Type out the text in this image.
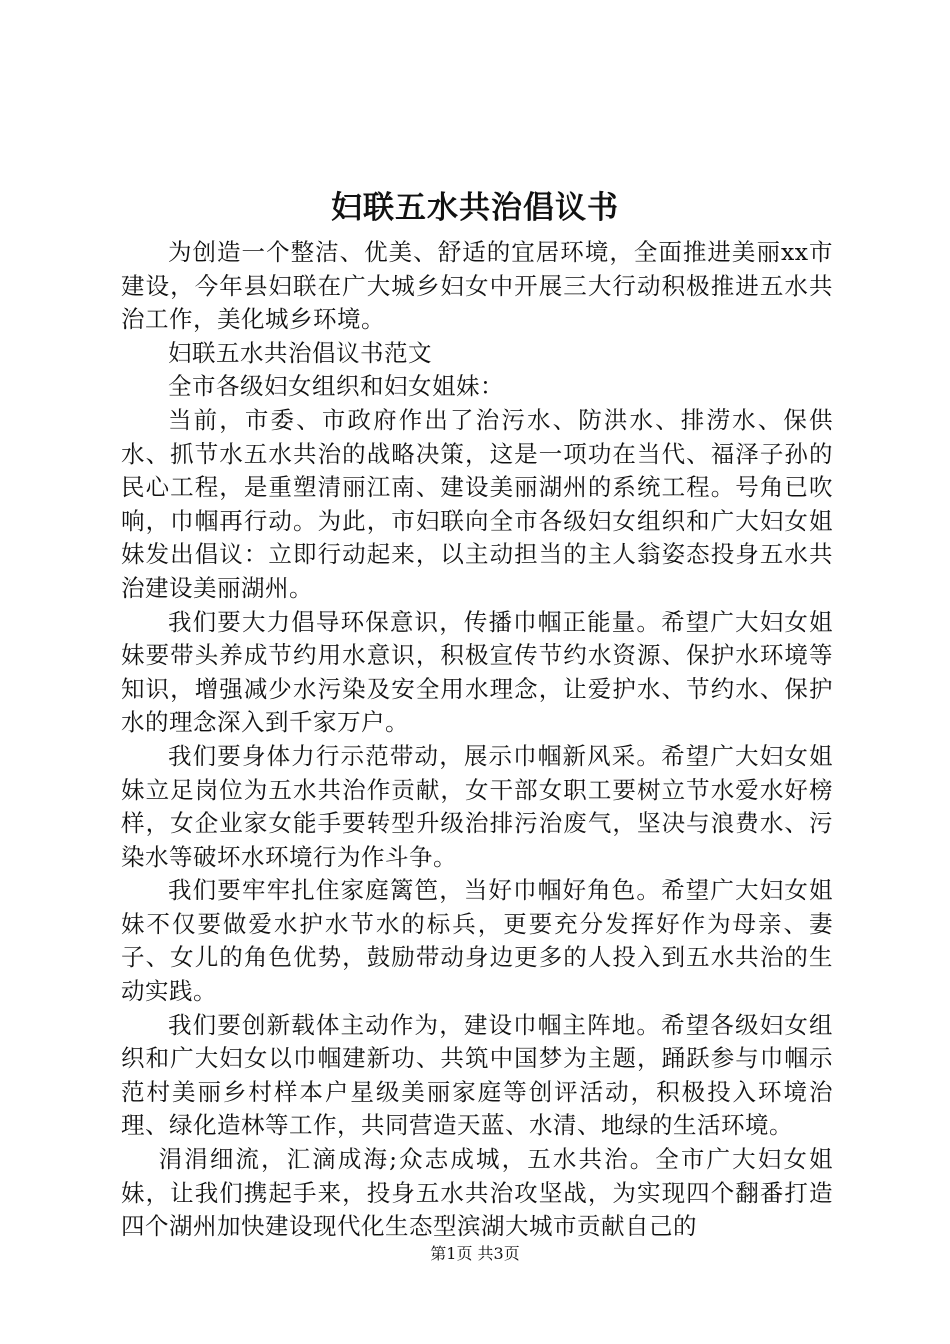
妇联五水共治倡议书

为创造一个整洁、优美、舒适的宜居环境，全面推进美丽xx市建设，今年县妇联在广大城乡妇女中开展三大行动积极推进五水共治工作，美化城乡环境。

妇联五水共治倡议书范文

全市各级妇女组织和妇女姐妹：

当前，市委、市政府作出了治污水、防洪水、排涝水、保供水、抓节水五水共治的战略决策，这是一项功在当代、福泽子孙的民心工程，是重塑清丽江南、建设美丽湖州的系统工程。号角已吹响，巾帼再行动。为此，市妇联向全市各级妇女组织和广大妇女姐妹发出倡议：立即行动起来，以主动担当的主人翁姿态投身五水共治建设美丽湖州。

我们要大力倡导环保意识，传播巾帼正能量。希望广大妇女姐妹要带头养成节约用水意识，积极宣传节约水资源、保护水环境等知识，增强减少水污染及安全用水理念，让爱护水、节约水、保护水的理念深入到千家万户。

我们要身体力行示范带动，展示巾帼新风采。希望广大妇女姐妹立足岗位为五水共治作贡献，女干部女职工要树立节水爱水好榜样，女企业家女能手要转型升级治排污治废气，坚决与浪费水、污染水等破坏水环境行为作斗争。

我们要牢牢扎住家庭篱笆，当好巾帼好角色。希望广大妇女姐妹不仅要做爱水护水节水的标兵，更要充分发挥好作为母亲、妻子、女儿的角色优势，鼓励带动身边更多的人投入到五水共治的生动实践。

我们要创新载体主动作为，建设巾帼主阵地。希望各级妇女组织和广大妇女以巾帼建新功、共筑中国梦为主题，踊跃参与巾帼示范村美丽乡村样本户星级美丽家庭等创评活动，积极投入环境治理、绿化造林等工作，共同营造天蓝、水清、地绿的生活环境。

涓涓细流，汇滴成海;众志成城，五水共治。全市广大妇女姐妹，让我们携起手来，投身五水共治攻坚战，为实现四个翻番打造四个湖州加快建设现代化生态型滨湖大城市贡献自己的

第1页 共3页
